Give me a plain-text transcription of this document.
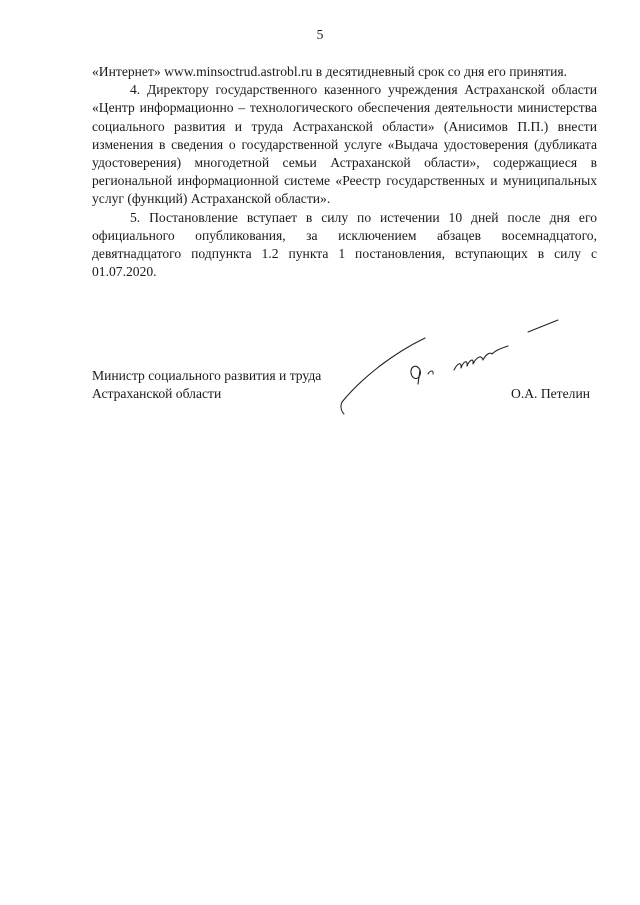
5

«Интернет» www.minsoctrud.astrobl.ru в десятидневный срок со дня его принятия.

4. Директору государственного казенного учреждения Астраханской области «Центр информационно – технологического обеспечения деятельности министерства социального развития и труда Астраханской области» (Анисимов П.П.) внести изменения в сведения о государственной услуге «Выдача удостоверения (дубликата удостоверения) многодетной семьи Астраханской области», содержащиеся в региональной информационной системе «Реестр государственных и муниципальных услуг (функций) Астраханской области».

5. Постановление вступает в силу по истечении 10 дней после дня его официального опубликования, за исключением абзацев восемнадцатого, девятнадцатого подпункта 1.2 пункта 1 постановления, вступающих в силу с 01.07.2020.

Министр социального развития и труда
Астраханской области	О.А. Петелин
